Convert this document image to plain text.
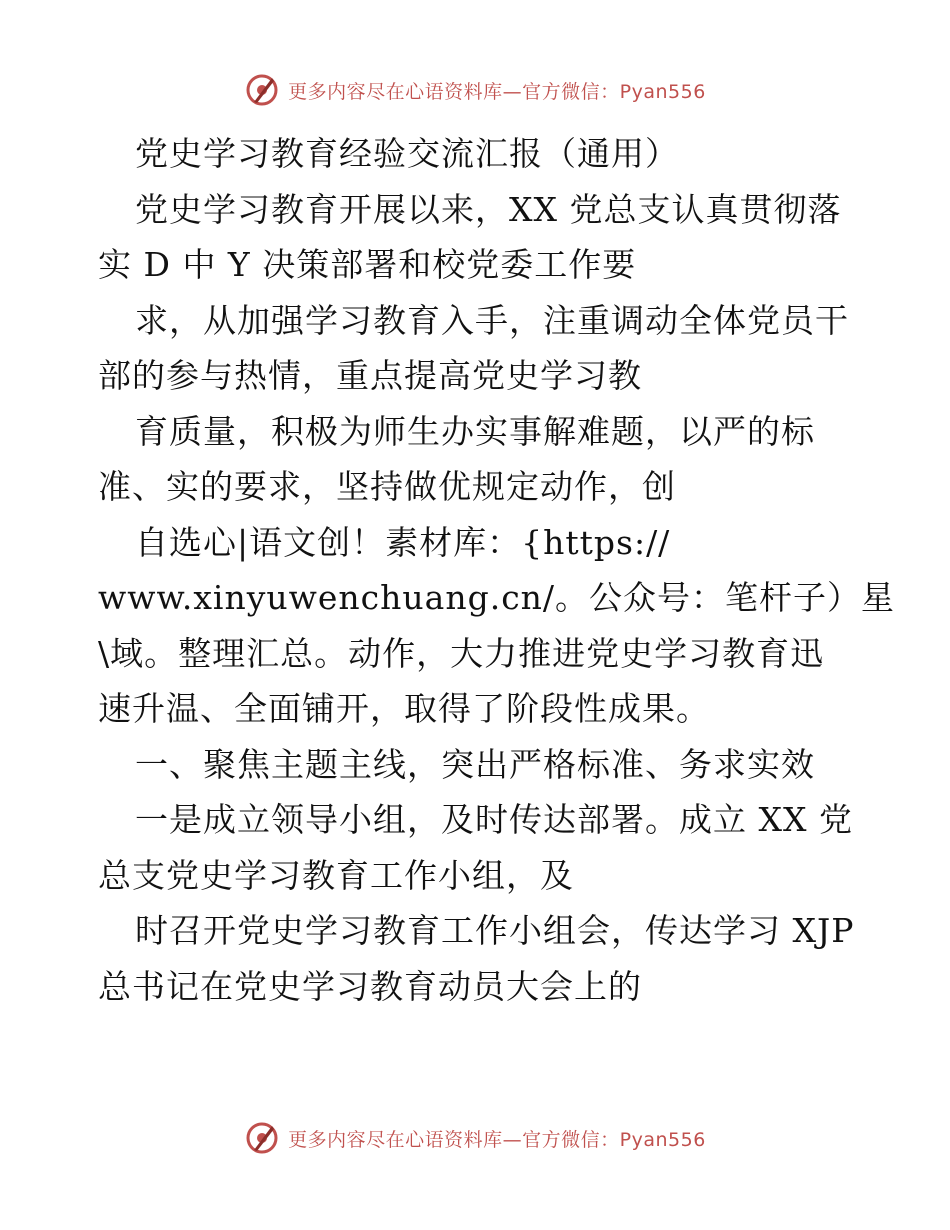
更多内容尽在心语资料库—官方微信：Pyan556
党史学习教育经验交流汇报（通用）
党史学习教育开展以来，XX 党总支认真贯彻落
实 D 中 Y 决策部署和校党委工作要
求，从加强学习教育入手，注重调动全体党员干
部的参与热情，重点提高党史学习教
育质量，积极为师生办实事解难题，以严的标
准、实的要求，坚持做优规定动作，创
自选心|语文创！素材库：{https://
www.xinyuwenchuang.cn/。公众号：笔杆子）星
\域。整理汇总。动作，大力推进党史学习教育迅
速升温、全面铺开，取得了阶段性成果。
一、聚焦主题主线，突出严格标准、务求实效
一是成立领导小组，及时传达部署。成立 XX 党
总支党史学习教育工作小组，及
时召开党史学习教育工作小组会，传达学习 XJP
总书记在党史学习教育动员大会上的
更多内容尽在心语资料库—官方微信：Pyan556
